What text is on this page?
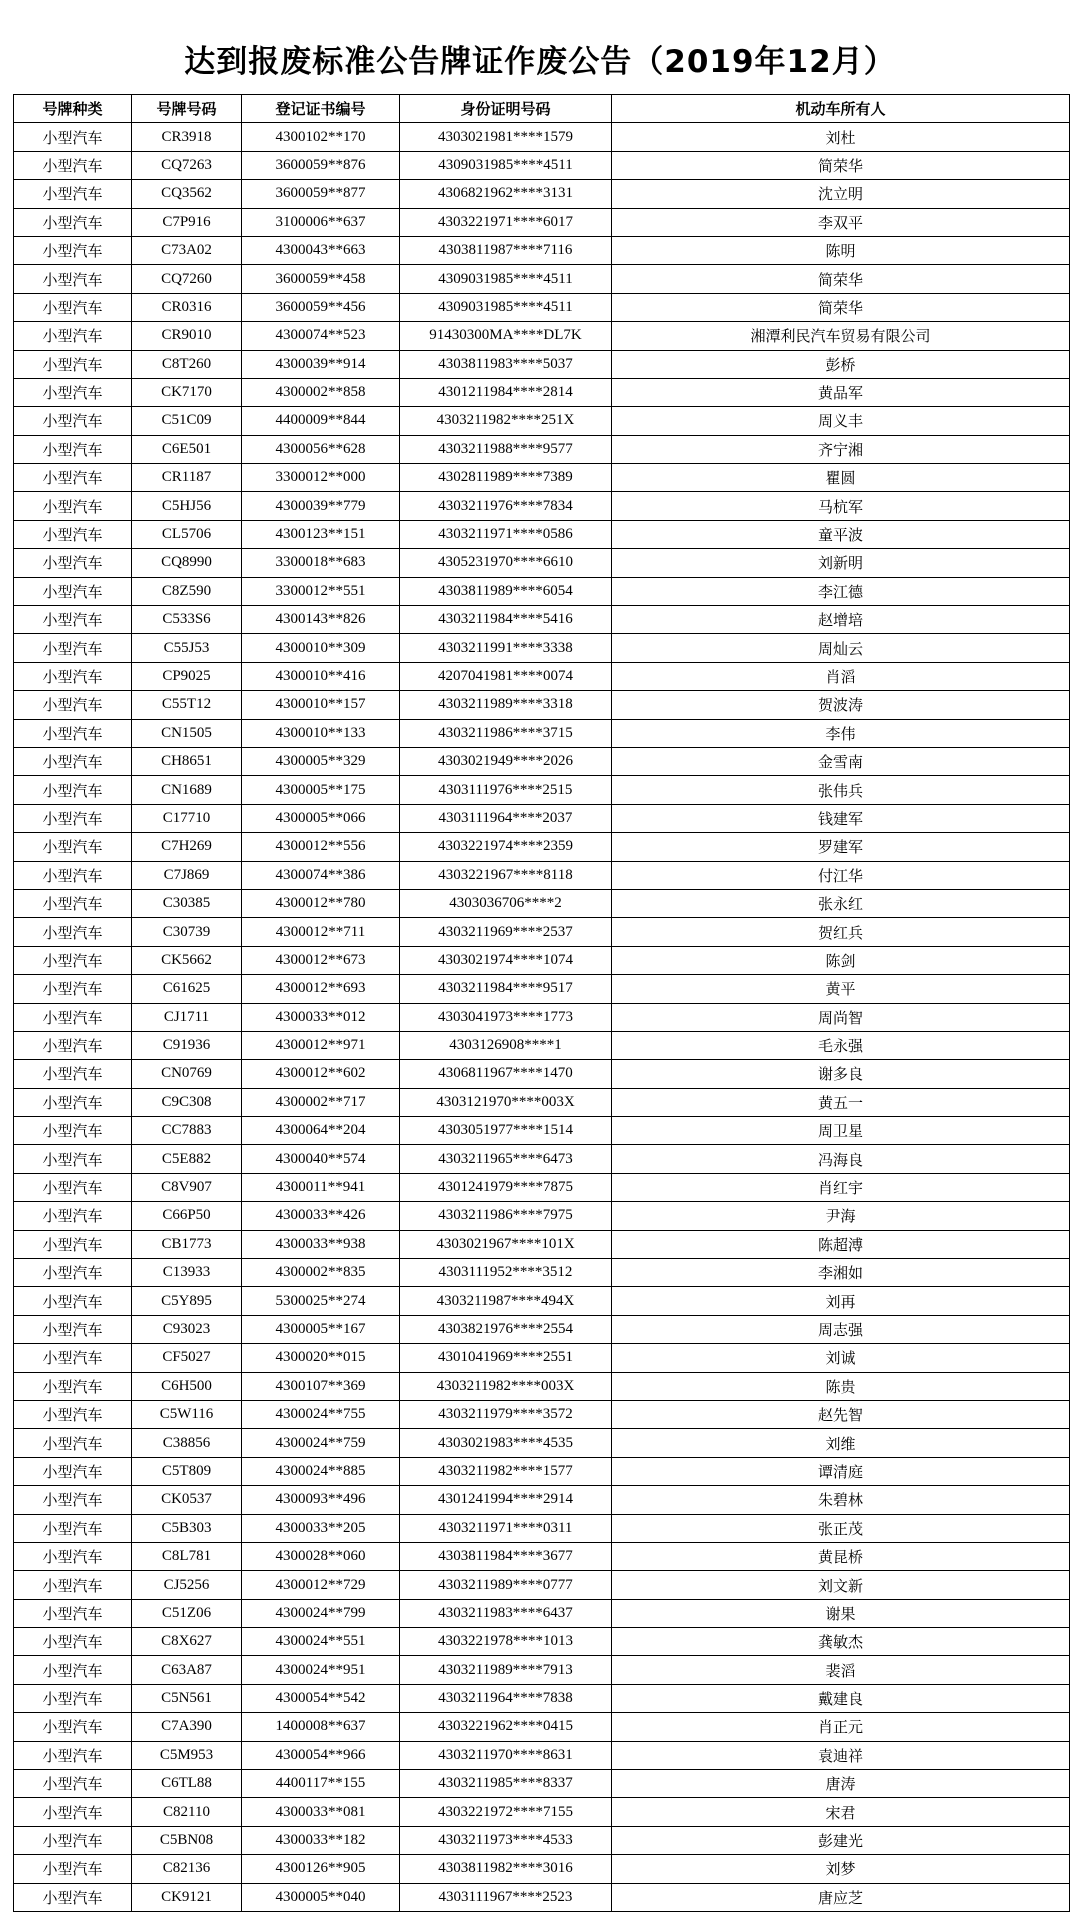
达到报废标准公告牌证作废公告（2019年12月）
号牌种类	号牌号码	登记证书编号	身份证明号码	机动车所有人
小型汽车	CR3918	4300102**170	4303021981****1579	刘杜
小型汽车	CQ7263	3600059**876	4309031985****4511	简荣华
小型汽车	CQ3562	3600059**877	4306821962****3131	沈立明
小型汽车	C7P916	3100006**637	4303221971****6017	李双平
小型汽车	C73A02	4300043**663	4303811987****7116	陈明
小型汽车	CQ7260	3600059**458	4309031985****4511	简荣华
小型汽车	CR0316	3600059**456	4309031985****4511	简荣华
小型汽车	CR9010	4300074**523	91430300MA****DL7K	湘潭利民汽车贸易有限公司
小型汽车	C8T260	4300039**914	4303811983****5037	彭桥
小型汽车	CK7170	4300002**858	4301211984****2814	黄品军
小型汽车	C51C09	4400009**844	4303211982****251X	周义丰
小型汽车	C6E501	4300056**628	4303211988****9577	齐宁湘
小型汽车	CR1187	3300012**000	4302811989****7389	瞿圆
小型汽车	C5HJ56	4300039**779	4303211976****7834	马杭军
小型汽车	CL5706	4300123**151	4303211971****0586	童平波
小型汽车	CQ8990	3300018**683	4305231970****6610	刘新明
小型汽车	C8Z590	3300012**551	4303811989****6054	李江德
小型汽车	C533S6	4300143**826	4303211984****5416	赵增培
小型汽车	C55J53	4300010**309	4303211991****3338	周灿云
小型汽车	CP9025	4300010**416	4207041981****0074	肖滔
小型汽车	C55T12	4300010**157	4303211989****3318	贺波涛
小型汽车	CN1505	4300010**133	4303211986****3715	李伟
小型汽车	CH8651	4300005**329	4303021949****2026	金雪南
小型汽车	CN1689	4300005**175	4303111976****2515	张伟兵
小型汽车	C17710	4300005**066	4303111964****2037	钱建军
小型汽车	C7H269	4300012**556	4303221974****2359	罗建军
小型汽车	C7J869	4300074**386	4303221967****8118	付江华
小型汽车	C30385	4300012**780	4303036706****2	张永红
小型汽车	C30739	4300012**711	4303211969****2537	贺红兵
小型汽车	CK5662	4300012**673	4303021974****1074	陈剑
小型汽车	C61625	4300012**693	4303211984****9517	黄平
小型汽车	CJ1711	4300033**012	4303041973****1773	周尚智
小型汽车	C91936	4300012**971	4303126908****1	毛永强
小型汽车	CN0769	4300012**602	4306811967****1470	谢多良
小型汽车	C9C308	4300002**717	4303121970****003X	黄五一
小型汽车	CC7883	4300064**204	4303051977****1514	周卫星
小型汽车	C5E882	4300040**574	4303211965****6473	冯海良
小型汽车	C8V907	4300011**941	4301241979****7875	肖红宇
小型汽车	C66P50	4300033**426	4303211986****7975	尹海
小型汽车	CB1773	4300033**938	4303021967****101X	陈超溥
小型汽车	C13933	4300002**835	4303111952****3512	李湘如
小型汽车	C5Y895	5300025**274	4303211987****494X	刘再
小型汽车	C93023	4300005**167	4303821976****2554	周志强
小型汽车	CF5027	4300020**015	4301041969****2551	刘诚
小型汽车	C6H500	4300107**369	4303211982****003X	陈贵
小型汽车	C5W116	4300024**755	4303211979****3572	赵先智
小型汽车	C38856	4300024**759	4303021983****4535	刘维
小型汽车	C5T809	4300024**885	4303211982****1577	谭清庭
小型汽车	CK0537	4300093**496	4301241994****2914	朱碧林
小型汽车	C5B303	4300033**205	4303211971****0311	张正茂
小型汽车	C8L781	4300028**060	4303811984****3677	黄昆桥
小型汽车	CJ5256	4300012**729	4303211989****0777	刘文新
小型汽车	C51Z06	4300024**799	4303211983****6437	谢果
小型汽车	C8X627	4300024**551	4303221978****1013	龚敏杰
小型汽车	C63A87	4300024**951	4303211989****7913	裴滔
小型汽车	C5N561	4300054**542	4303211964****7838	戴建良
小型汽车	C7A390	1400008**637	4303221962****0415	肖正元
小型汽车	C5M953	4300054**966	4303211970****8631	袁迪祥
小型汽车	C6TL88	4400117**155	4303211985****8337	唐涛
小型汽车	C82110	4300033**081	4303221972****7155	宋君
小型汽车	C5BN08	4300033**182	4303211973****4533	彭建光
小型汽车	C82136	4300126**905	4303811982****3016	刘梦
小型汽车	CK9121	4300005**040	4303111967****2523	唐应芝
